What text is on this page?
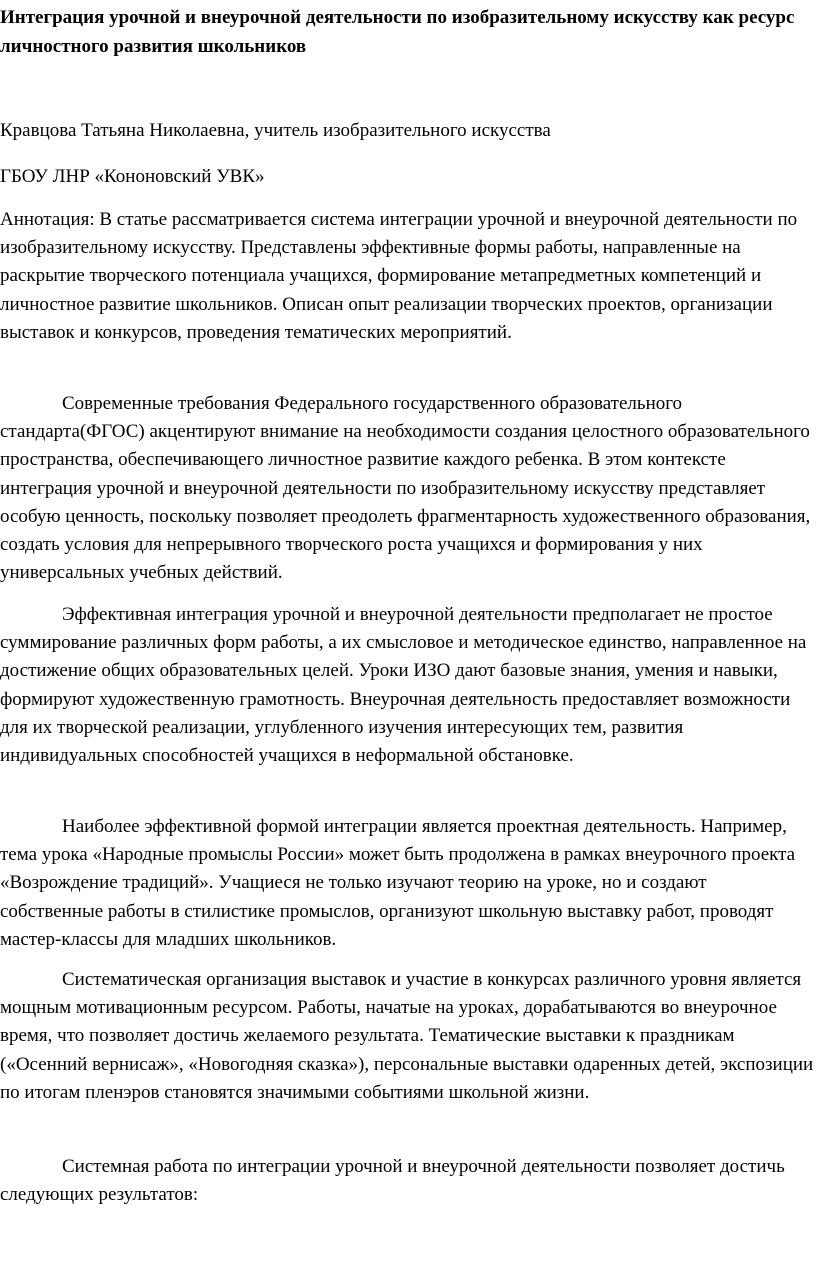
Интеграция урочной и внеурочной деятельности по изобразительному искусству как ресурс личностного развития школьников

Кравцова Татьяна Николаевна, учитель изобразительного искусства

ГБОУ ЛНР «Кононовский УВК»

Аннотация: В статье рассматривается система интеграции урочной и внеурочной деятельности по изобразительному искусству. Представлены эффективные формы работы, направленные на раскрытие творческого потенциала учащихся, формирование метапредметных компетенций и личностное развитие школьников. Описан опыт реализации творческих проектов, организации выставок и конкурсов, проведения тематических мероприятий.

Современные требования Федерального государственного образовательного стандарта(ФГОС) акцентируют внимание на необходимости создания целостного образовательного пространства, обеспечивающего личностное развитие каждого ребенка. В этом контексте интеграция урочной и внеурочной деятельности по изобразительному искусству представляет особую ценность, поскольку позволяет преодолеть фрагментарность художественного образования, создать условия для непрерывного творческого роста учащихся и формирования у них универсальных учебных действий.

Эффективная интеграция урочной и внеурочной деятельности предполагает не простое суммирование различных форм работы, а их смысловое и методическое единство, направленное на достижение общих образовательных целей. Уроки ИЗО дают базовые знания, умения и навыки, формируют художественную грамотность. Внеурочная деятельность предоставляет возможности для их творческой реализации, углубленного изучения интересующих тем, развития индивидуальных способностей учащихся в неформальной обстановке.

Наиболее эффективной формой интеграции является проектная деятельность. Например, тема урока «Народные промыслы России» может быть продолжена в рамках внеурочного проекта «Возрождение традиций». Учащиеся не только изучают теорию на уроке, но и создают собственные работы в стилистике промыслов, организуют школьную выставку работ, проводят мастер-классы для младших школьников.

Систематическая организация выставок и участие в конкурсах различного уровня является мощным мотивационным ресурсом. Работы, начатые на уроках, дорабатываются во внеурочное время, что позволяет достичь желаемого результата. Тематические выставки к праздникам («Осенний вернисаж», «Новогодняя сказка»), персональные выставки одаренных детей, экспозиции по итогам пленэров становятся значимыми событиями школьной жизни.

Системная работа по интеграции урочной и внеурочной деятельности позволяет достичь следующих результатов:
